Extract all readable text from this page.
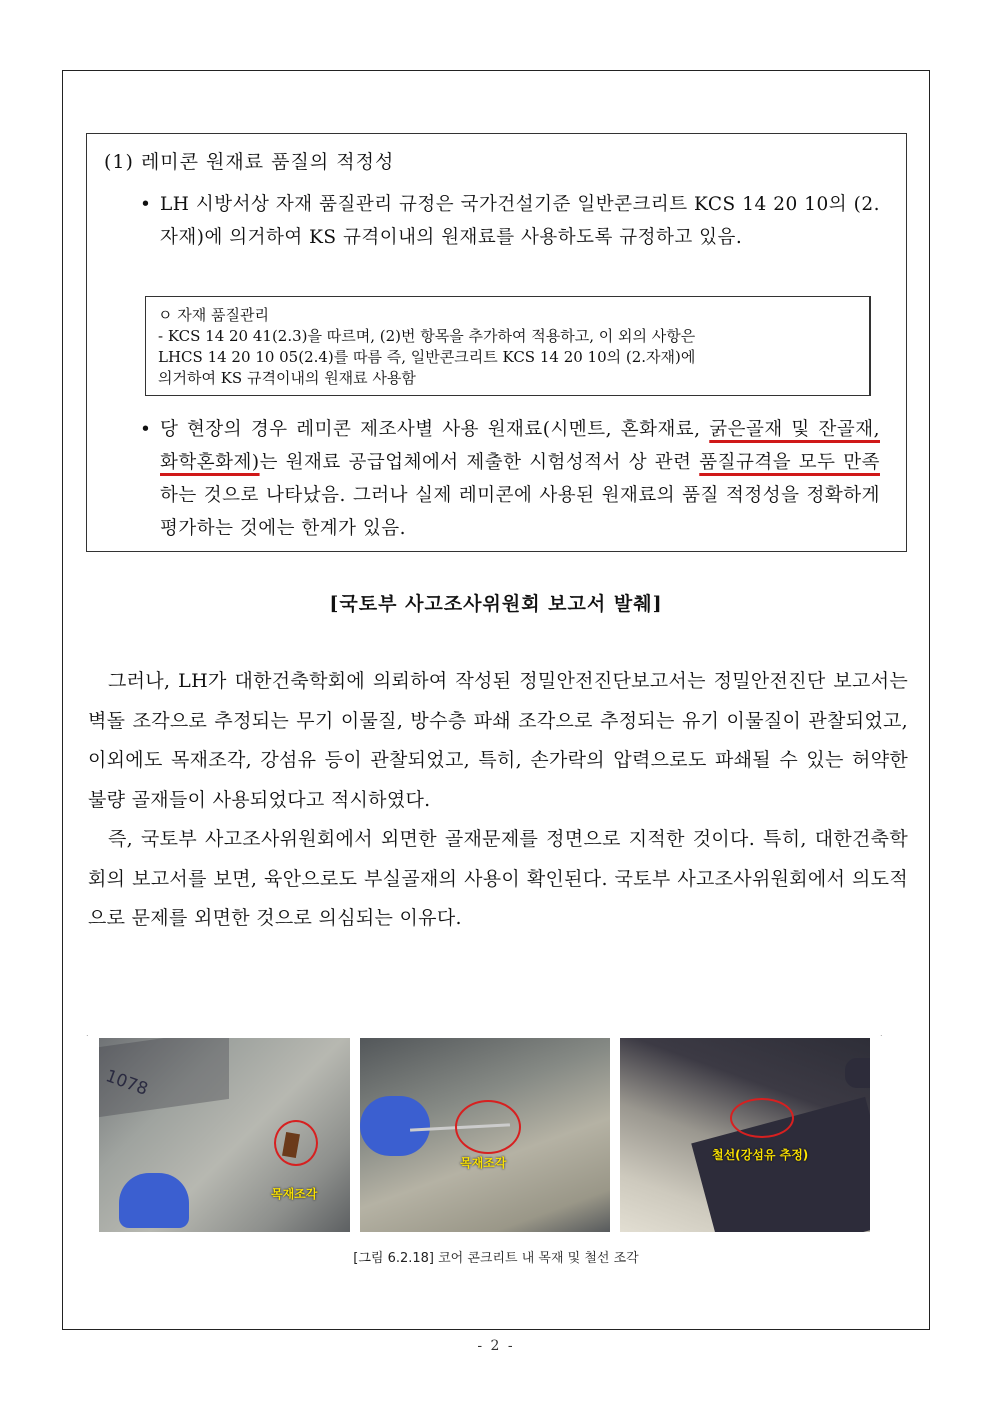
(1) 레미콘 원재료 품질의 적정성
• LH 시방서상 자재 품질관리 규정은 국가건설기준 일반콘크리트 KCS 14 20 10의 (2.자재)에 의거하여 KS 규격이내의 원재료를 사용하도록 규정하고 있음.
ㅇ 자재 품질관리
- KCS 14 20 41(2.3)을 따르며, (2)번 항목을 추가하여 적용하고, 이 외의 사항은
LHCS 14 20 10 05(2.4)를 따름 즉, 일반콘크리트 KCS 14 20 10의 (2.자재)에
의거하여 KS 규격이내의 원재료 사용함
• 당 현장의 경우 레미콘 제조사별 사용 원재료(시멘트, 혼화재료, 굵은골재 및 잔골재, 화학혼화제)는 원재료 공급업체에서 제출한 시험성적서 상 관련 품질규격을 모두 만족하는 것으로 나타났음. 그러나 실제 레미콘에 사용된 원재료의 품질 적정성을 정확하게 평가하는 것에는 한계가 있음.
[국토부 사고조사위원회 보고서 발췌]

그러나, LH가 대한건축학회에 의뢰하여 작성된 정밀안전진단보고서는 정밀안전진단 보고서는 벽돌 조각으로 추정되는 무기 이물질, 방수층 파쇄 조각으로 추정되는 유기 이물질이 관찰되었고, 이외에도 목재조각, 강섬유 등이 관찰되었고, 특히, 손가락의 압력으로도 파쇄될 수 있는 허약한 불량 골재들이 사용되었다고 적시하였다.

즉, 국토부 사고조사위원회에서 외면한 골재문제를 정면으로 지적한 것이다. 특히, 대한건축학회의 보고서를 보면, 육안으로도 부실골재의 사용이 확인된다. 국토부 사고조사위원회에서 의도적으로 문제를 외면한 것으로 의심되는 이유다.

.	.
1078
목재조각
목재조각
철선(강섬유 추정)
[그림 6.2.18] 코어 콘크리트 내 목재 및 철선 조각
- 2 -
